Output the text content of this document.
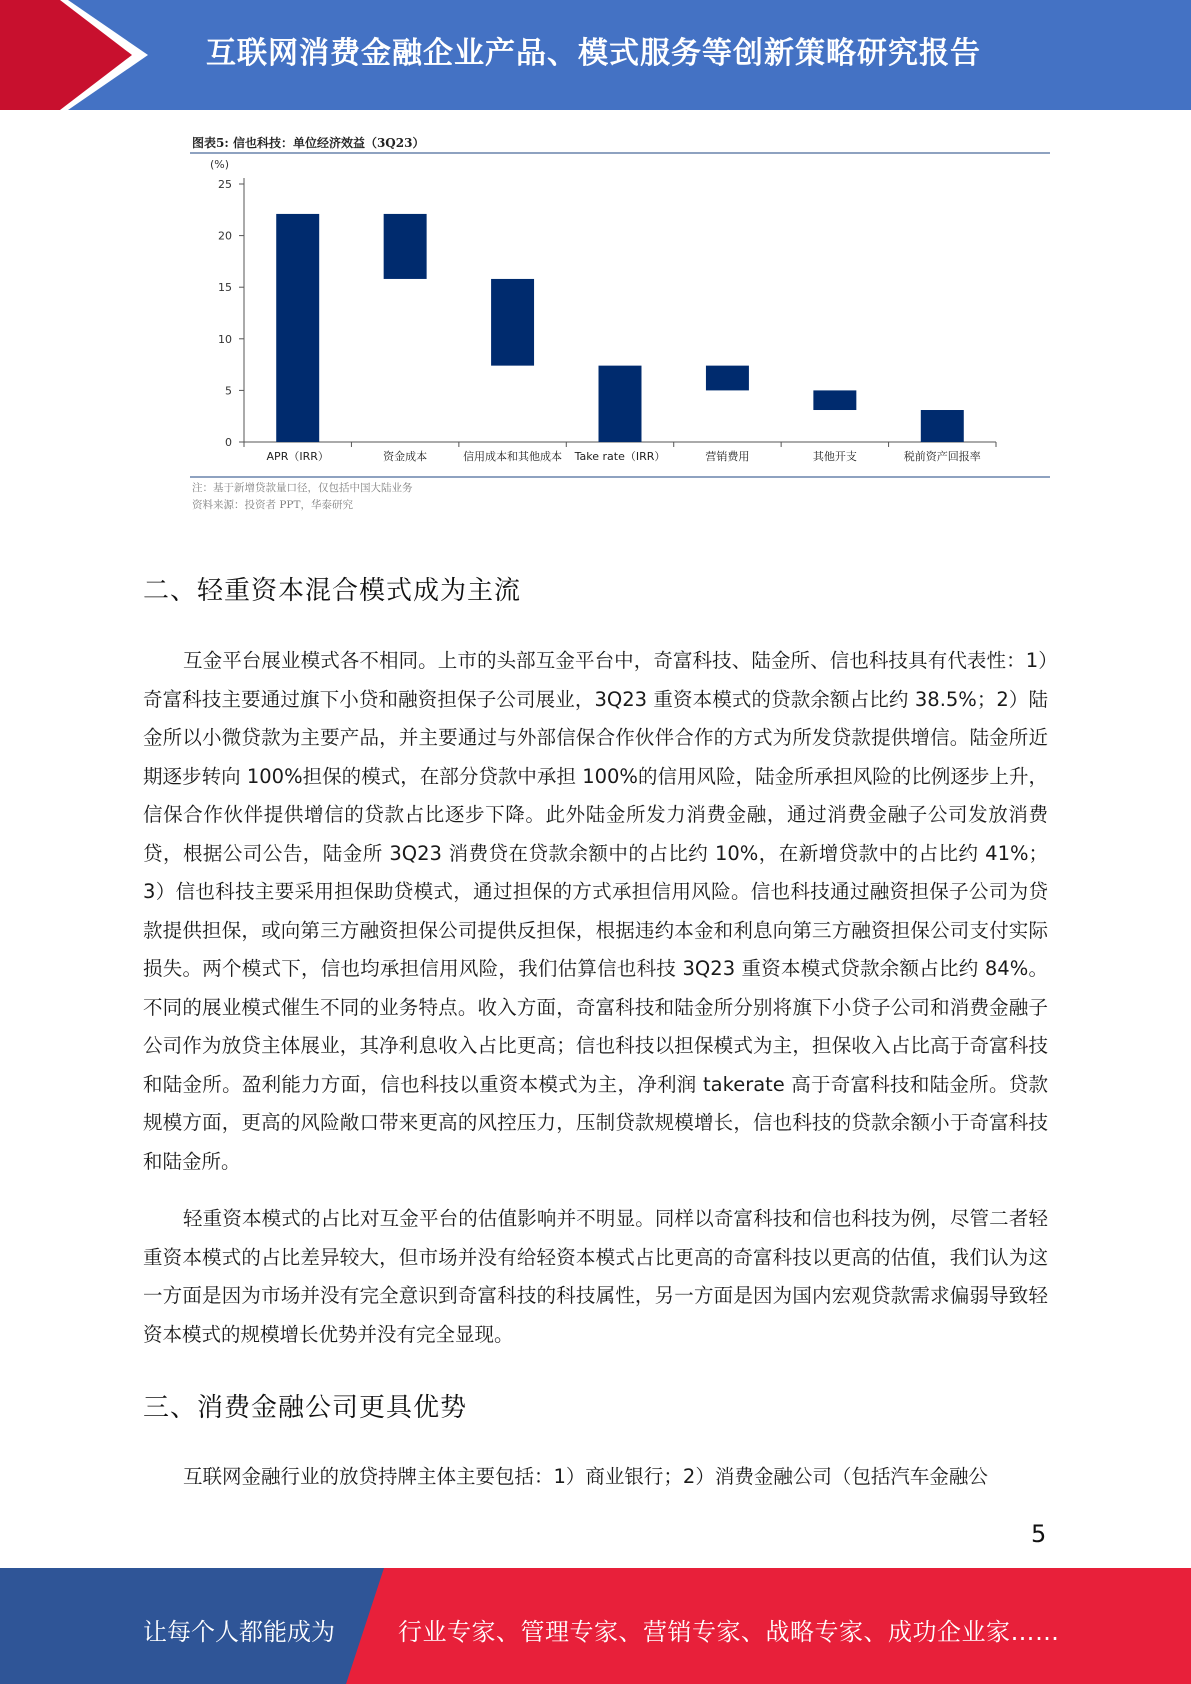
互联网消费金融企业产品、模式服务等创新策略研究报告
图表5: 信也科技：单位经济效益（3Q23）
(%)
0
5
10
15
20
25
APR（IRR）	资金成本	信用成本和其他成本 Take rate（IRR）	营销费用	其他开支	税前资产回报率
注：基于新增贷款量口径，仅包括中国大陆业务
资料来源：投资者 PPT，华泰研究
二、轻重资本混合模式成为主流

互金平台展业模式各不相同。上市的头部互金平台中，奇富科技、陆金所、信也科技具有代表性：1）奇富科技主要通过旗下小贷和融资担保子公司展业，3Q23 重资本模式的贷款余额占比约 38.5%；2）陆金所以小微贷款为主要产品，并主要通过与外部信保合作伙伴合作的方式为所发贷款提供增信。陆金所近期逐步转向 100%担保的模式，在部分贷款中承担 100%的信用风险，陆金所承担风险的比例逐步上升，信保合作伙伴提供增信的贷款占比逐步下降。此外陆金所发力消费金融，通过消费金融子公司发放消费贷，根据公司公告，陆金所 3Q23 消费贷在贷款余额中的占比约 10%，在新增贷款中的占比约 41%；3）信也科技主要采用担保助贷模式，通过担保的方式承担信用风险。信也科技通过融资担保子公司为贷款提供担保，或向第三方融资担保公司提供反担保，根据违约本金和利息向第三方融资担保公司支付实际损失。两个模式下，信也均承担信用风险，我们估算信也科技 3Q23 重资本模式贷款余额占比约 84%。不同的展业模式催生不同的业务特点。收入方面，奇富科技和陆金所分别将旗下小贷子公司和消费金融子公司作为放贷主体展业，其净利息收入占比更高；信也科技以担保模式为主，担保收入占比高于奇富科技和陆金所。盈利能力方面，信也科技以重资本模式为主，净利润 takerate 高于奇富科技和陆金所。贷款规模方面，更高的风险敞口带来更高的风控压力，压制贷款规模增长，信也科技的贷款余额小于奇富科技和陆金所。

轻重资本模式的占比对互金平台的估值影响并不明显。同样以奇富科技和信也科技为例，尽管二者轻重资本模式的占比差异较大，但市场并没有给轻资本模式占比更高的奇富科技以更高的估值，我们认为这一方面是因为市场并没有完全意识到奇富科技的科技属性，另一方面是因为国内宏观贷款需求偏弱导致轻资本模式的规模增长优势并没有完全显现。

三、消费金融公司更具优势

互联网金融行业的放贷持牌主体主要包括：1）商业银行；2）消费金融公司（包括汽车金融公

5
让每个人都能成为	行业专家、管理专家、营销专家、战略专家、成功企业家……
